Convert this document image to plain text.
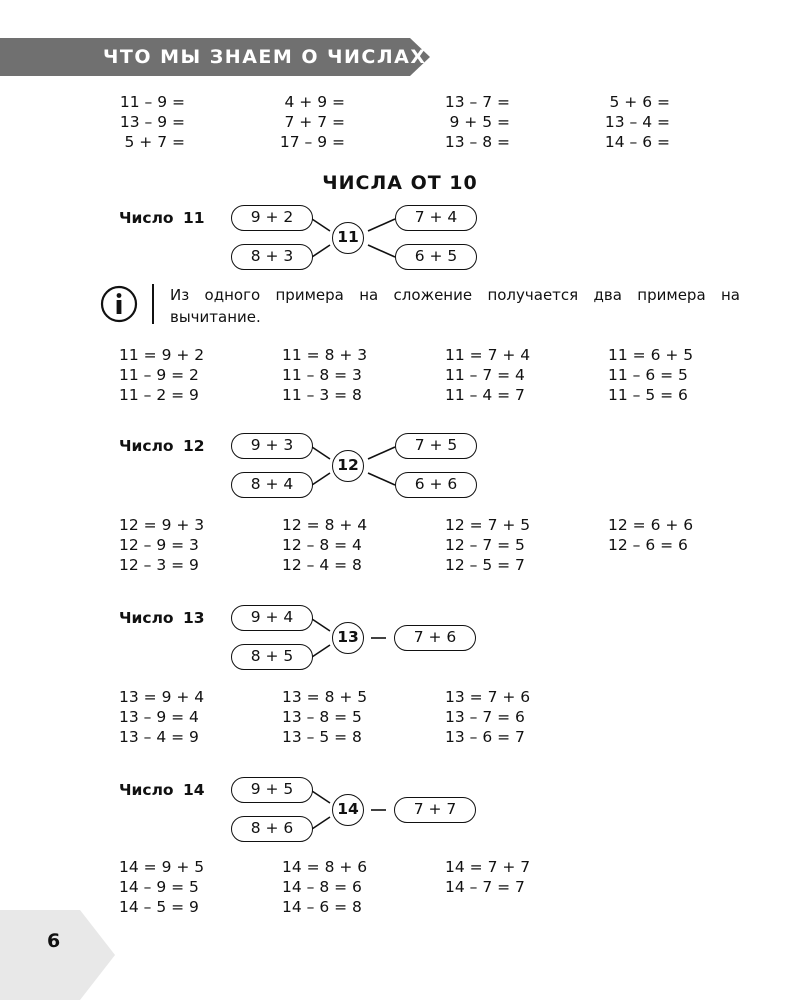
ЧТО МЫ ЗНАЕМ О ЧИСЛАХ
11 – 9 =	4 + 9 =	13 – 7 =	5 + 6 =
13 – 9 =	7 + 7 =	9 + 5 =	13 – 4 =
5 + 7 =	17 – 9 =	13 – 8 =	14 – 6 =
ЧИСЛА ОТ 10
Число 11	9 + 2
8 + 3
11
7 + 4
6 + 5
Из одного примера на сложение получается два примера на вычитание.
11 = 9 + 2	11 = 8 + 3	11 = 7 + 4	11 = 6 + 5
11 – 9 = 2	11 – 8 = 3	11 – 7 = 4	11 – 6 = 5
11 – 2 = 9	11 – 3 = 8	11 – 4 = 7	11 – 5 = 6
Число 12	9 + 3
8 + 4
12
7 + 5
6 + 6
12 = 9 + 3	12 = 8 + 4	12 = 7 + 5	12 = 6 + 6
12 – 9 = 3	12 – 8 = 4	12 – 7 = 5	12 – 6 = 6
12 – 3 = 9	12 – 4 = 8	12 – 5 = 7
Число 13	9 + 4
8 + 5
13	7 + 6
13 = 9 + 4	13 = 8 + 5	13 = 7 + 6
13 – 9 = 4	13 – 8 = 5	13 – 7 = 6
13 – 4 = 9	13 – 5 = 8	13 – 6 = 7
Число 14	9 + 5
8 + 6
14	7 + 7
14 = 9 + 5	14 = 8 + 6	14 = 7 + 7
14 – 9 = 5	14 – 8 = 6	14 – 7 = 7
14 – 5 = 9	14 – 6 = 8
6
